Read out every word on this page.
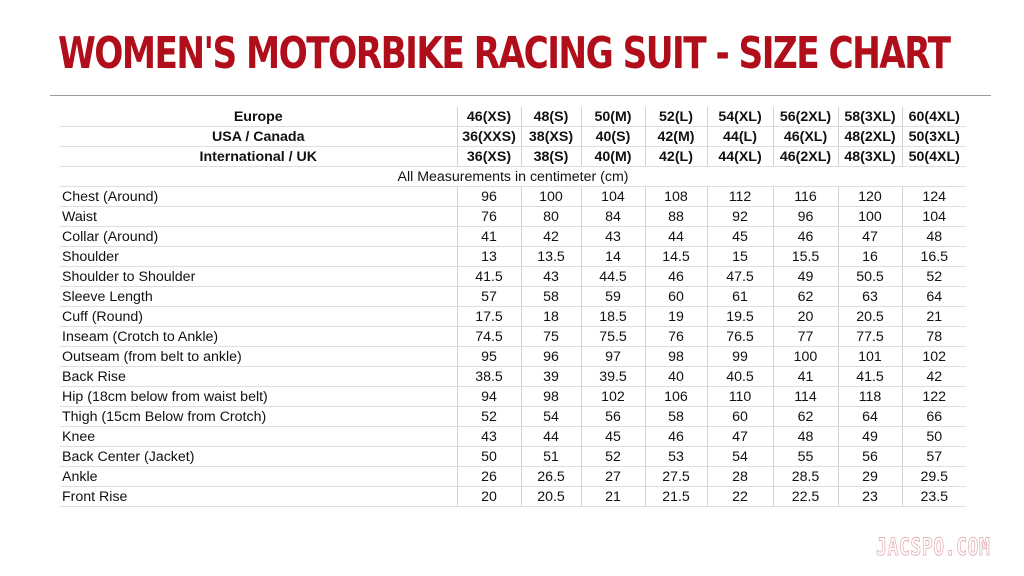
WOMEN'S MOTORBIKE RACING SUIT - SIZE CHART
Europe	46(XS)	48(S)	50(M)	52(L)	54(XL)	56(2XL)	58(3XL)	60(4XL)
USA / Canada	36(XXS)	38(XS)	40(S)	42(M)	44(L)	46(XL)	48(2XL)	50(3XL)
International / UK	36(XS)	38(S)	40(M)	42(L)	44(XL)	46(2XL)	48(3XL)	50(4XL)
All Measurements in centimeter (cm)								
Chest (Around)	96	100	104	108	112	116	120	124
Waist	76	80	84	88	92	96	100	104
Collar (Around)	41	42	43	44	45	46	47	48
Shoulder	13	13.5	14	14.5	15	15.5	16	16.5
Shoulder to Shoulder	41.5	43	44.5	46	47.5	49	50.5	52
Sleeve Length	57	58	59	60	61	62	63	64
Cuff (Round)	17.5	18	18.5	19	19.5	20	20.5	21
Inseam (Crotch to Ankle)	74.5	75	75.5	76	76.5	77	77.5	78
Outseam (from belt to ankle)	95	96	97	98	99	100	101	102
Back Rise	38.5	39	39.5	40	40.5	41	41.5	42
Hip (18cm below from waist belt)	94	98	102	106	110	114	118	122
Thigh (15cm Below from Crotch)	52	54	56	58	60	62	64	66
Knee	43	44	45	46	47	48	49	50
Back Center (Jacket)	50	51	52	53	54	55	56	57
Ankle	26	26.5	27	27.5	28	28.5	29	29.5
Front Rise	20	20.5	21	21.5	22	22.5	23	23.5
JACSPO.COM
